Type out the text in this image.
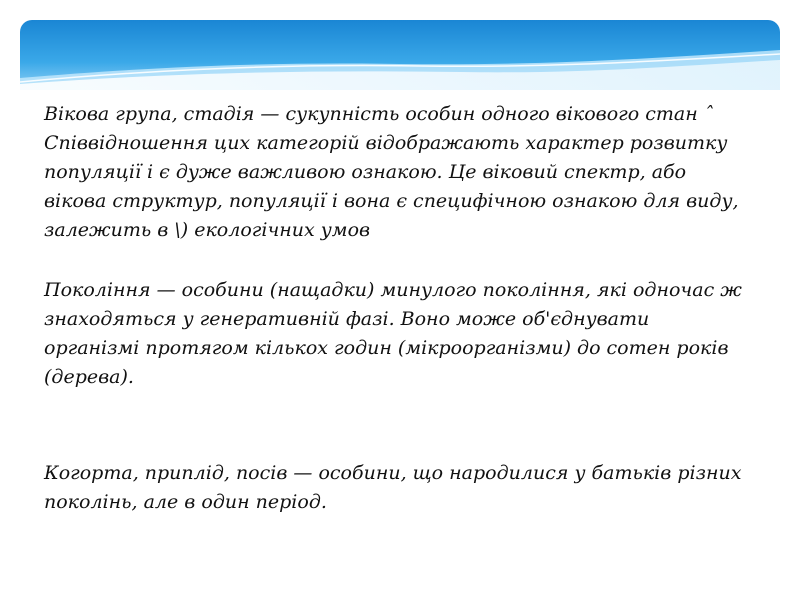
Вікова група, стадія — сукупність особин одного вікового стан ˆ Співвідношення цих категорій відображають характер розвитку популяції і є дуже важливою ознакою. Це віковий спектр, або вікова структур, популяції і вона є специфічною ознакою для виду, залежить в \) екологічних умов

Покоління — особини (нащадки) минулого покоління, які одночас ж знаходяться у генеративній фазі. Воно може об'єднувати організмі протягом кількох годин (мікроорганізми) до сотен років (дерева).

Когорта, приплід, посів — особини, що народилися у батьків різних поколінь, але в один період.
